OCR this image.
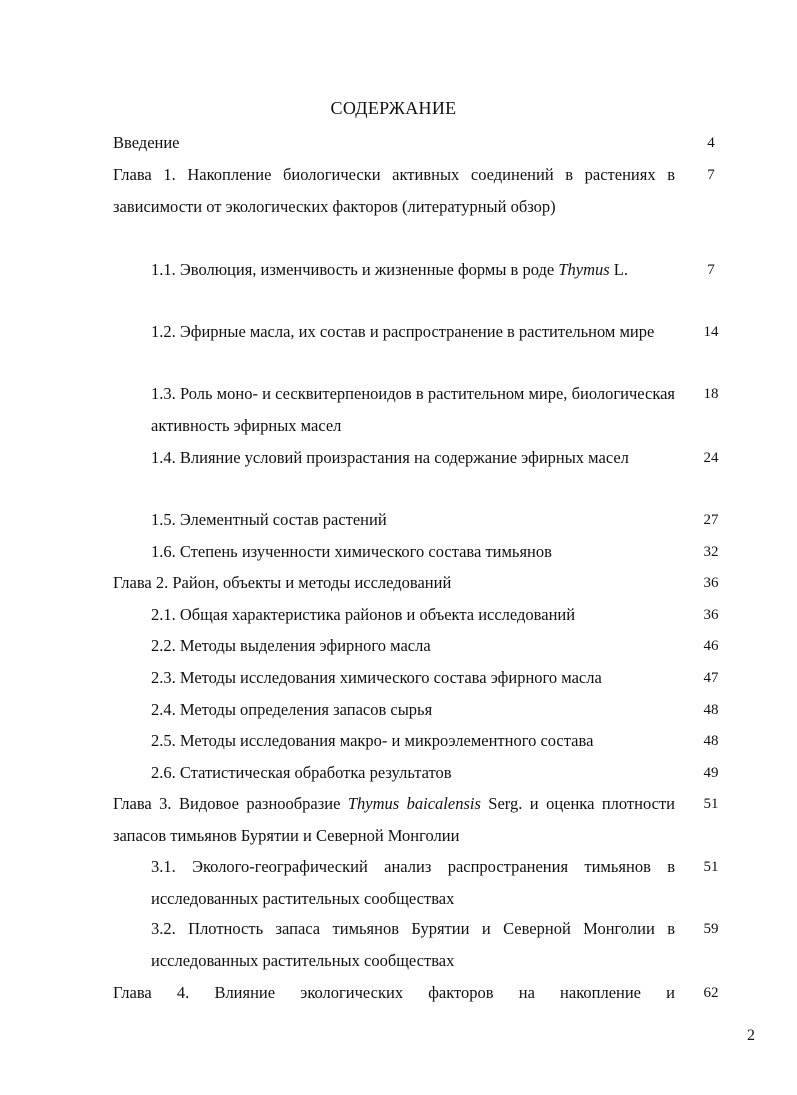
СОДЕРЖАНИЕ
Введение	4
Глава 1. Накопление биологически активных соединений в растениях в зависимости от экологических факторов (литературный обзор)
7
1.1. Эволюция, изменчивость и жизненные формы в роде Thymus L.	7
1.2. Эфирные масла, их состав и распространение в растительном мире	14
1.3. Роль моно- и сесквитерпеноидов в растительном мире, биологическая активность эфирных масел
18
1.4. Влияние условий произрастания на содержание эфирных масел	24
1.5. Элементный состав растений	27
1.6. Степень изученности химического состава тимьянов	32
Глава 2. Район, объекты и методы исследований	36
2.1. Общая характеристика районов и объекта исследований	36
2.2. Методы выделения эфирного масла	46
2.3. Методы исследования химического состава эфирного масла	47
2.4. Методы определения запасов сырья	48
2.5. Методы исследования макро- и микроэлементного состава	48
2.6. Статистическая обработка результатов	49
Глава 3. Видовое разнообразие Thymus baicalensis Serg. и оценка плотности запасов тимьянов Бурятии и Северной Монголии
51
3.1. Эколого-географический анализ распространения тимьянов в исследованных растительных сообществах
51
3.2. Плотность запаса тимьянов Бурятии и Северной Монголии в исследованных растительных сообществах
59
Глава 4. Влияние экологических факторов на накопление и	62
2
